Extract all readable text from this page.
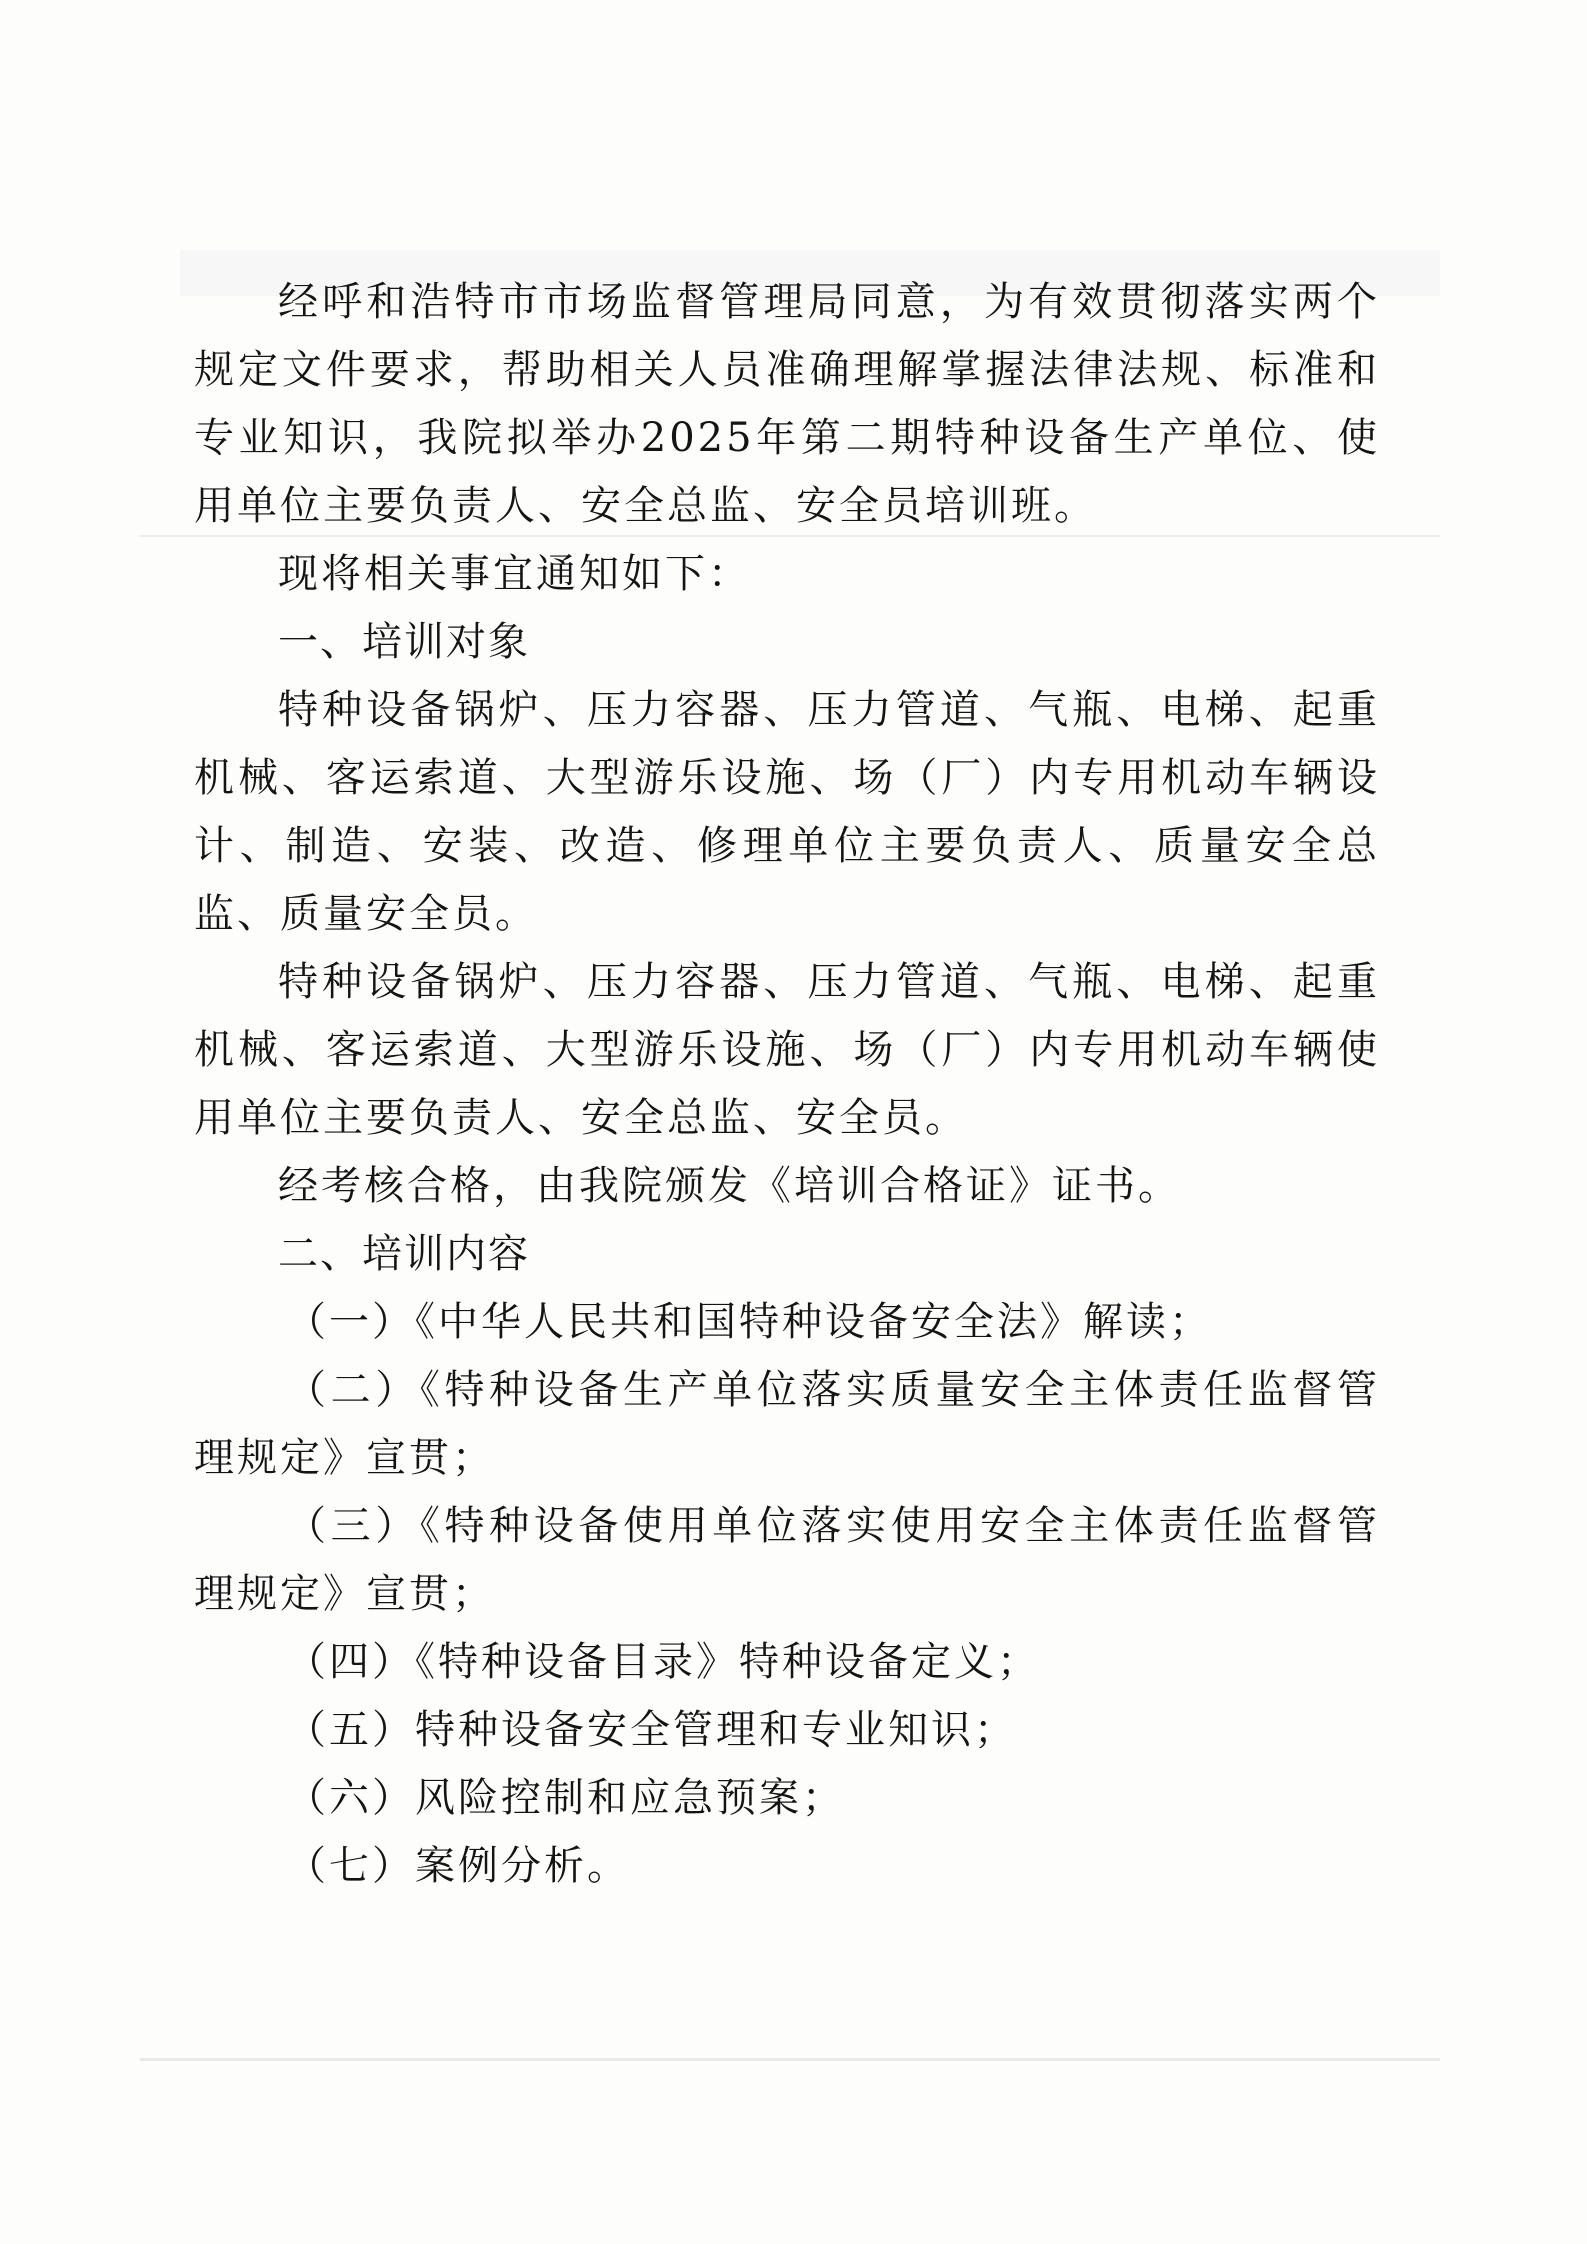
经呼和浩特市市场监督管理局同意，为有效贯彻落实两个规定文件要求，帮助相关人员准确理解掌握法律法规、标准和专业知识，我院拟举办2025年第二期特种设备生产单位、使用单位主要负责人、安全总监、安全员培训班。

现将相关事宜通知如下：

一、培训对象

特种设备锅炉、压力容器、压力管道、气瓶、电梯、起重机械、客运索道、大型游乐设施、场（厂）内专用机动车辆设计、制造、安装、改造、修理单位主要负责人、质量安全总监、质量安全员。

特种设备锅炉、压力容器、压力管道、气瓶、电梯、起重机械、客运索道、大型游乐设施、场（厂）内专用机动车辆使用单位主要负责人、安全总监、安全员。

经考核合格，由我院颁发《培训合格证》证书。

二、培训内容

（一）《中华人民共和国特种设备安全法》解读；

（二）《特种设备生产单位落实质量安全主体责任监督管理规定》宣贯；

（三）《特种设备使用单位落实使用安全主体责任监督管理规定》宣贯；

（四）《特种设备目录》特种设备定义；

（五）特种设备安全管理和专业知识；

（六）风险控制和应急预案；

（七）案例分析。
